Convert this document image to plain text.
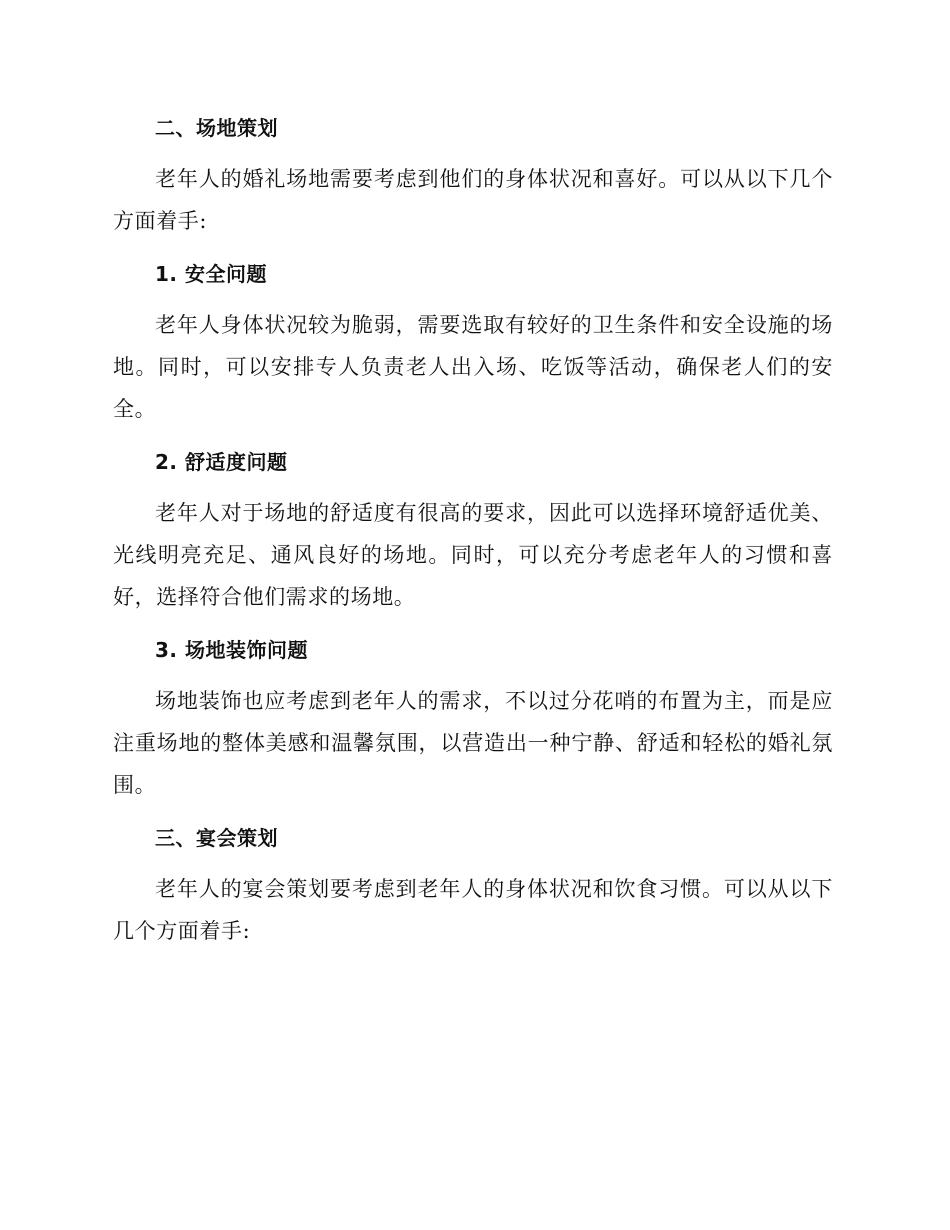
二、场地策划

老年人的婚礼场地需要考虑到他们的身体状况和喜好。可以从以下几个方面着手:

1. 安全问题

老年人身体状况较为脆弱，需要选取有较好的卫生条件和安全设施的场地。同时，可以安排专人负责老人出入场、吃饭等活动，确保老人们的安全。

2. 舒适度问题

老年人对于场地的舒适度有很高的要求，因此可以选择环境舒适优美、光线明亮充足、通风良好的场地。同时，可以充分考虑老年人的习惯和喜好，选择符合他们需求的场地。

3. 场地装饰问题

场地装饰也应考虑到老年人的需求，不以过分花哨的布置为主，而是应注重场地的整体美感和温馨氛围，以营造出一种宁静、舒适和轻松的婚礼氛围。

三、宴会策划

老年人的宴会策划要考虑到老年人的身体状况和饮食习惯。可以从以下几个方面着手:
